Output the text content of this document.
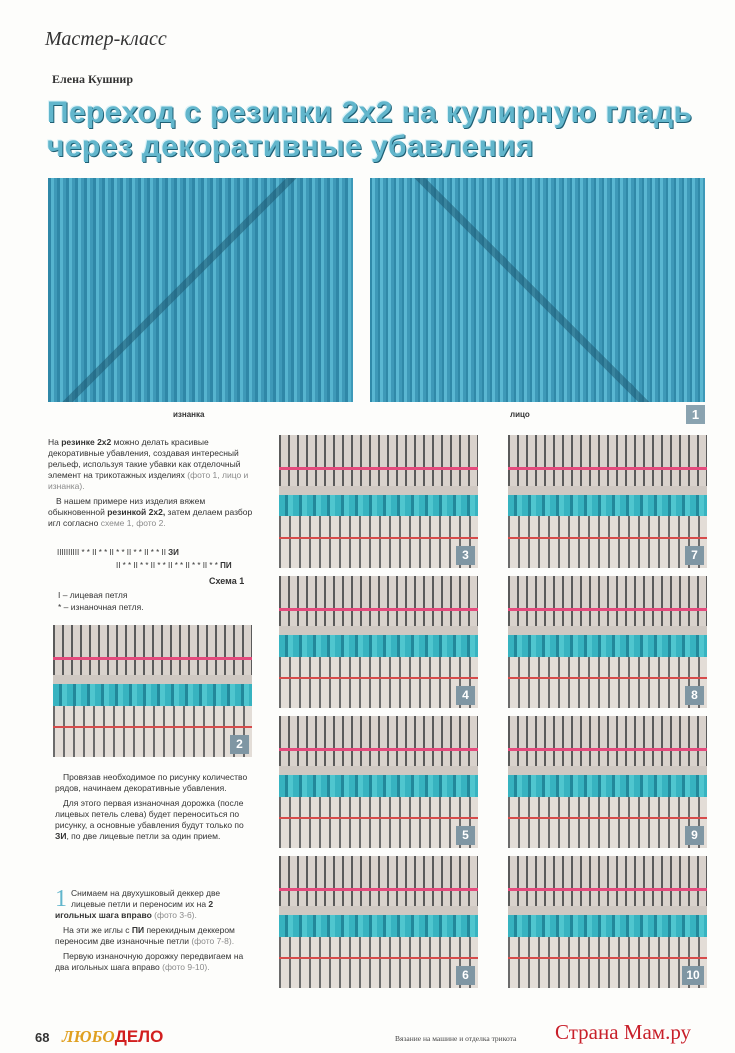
Мастер-класс
Елена Кушнир
Переход с резинки 2х2 на кулирную гладь через декоративные убавления
изнанка	лицо	1

На резинке 2х2 можно делать красивые декоративные убавления, создавая интересный рельеф, используя такие убавки как отделочный элемент на трикотажных изделиях (фото 1, лицо и изнанка).

В нашем примере низ изделия вяжем обыкновенной резинкой 2х2, затем делаем разбор игл согласно схеме 1, фото 2.

IIIIIIIIII * * II * * II * * II * * II * * II ЗИ
II * * II * * II * * II * * II * * II * * ПИ
Схема 1
I – лицевая петля
* – изнаночная петля.
2

Провязав необходимое по рисунку количество рядов, начинаем декоративные убавления.

Для этого первая изнаночная дорожка (после лицевых петель слева) будет переноситься по рисунку, а основные убавления будут только по ЗИ, по две лицевые петли за один прием.

1 Снимаем на двухушковый деккер две лицевые петли и переносим их на 2 игольных шага вправо (фото 3-6).

На эти же иглы с ПИ перекидным деккером переносим две изнаночные петли (фото 7-8).

Первую изнаночную дорожку передвигаем на два игольных шага вправо (фото 9-10).

3
4
5
6
7
8
9
10
68 ЛЮБОДЕЛО	Вязание на машине и отделка трикота Страна Мам.ру
